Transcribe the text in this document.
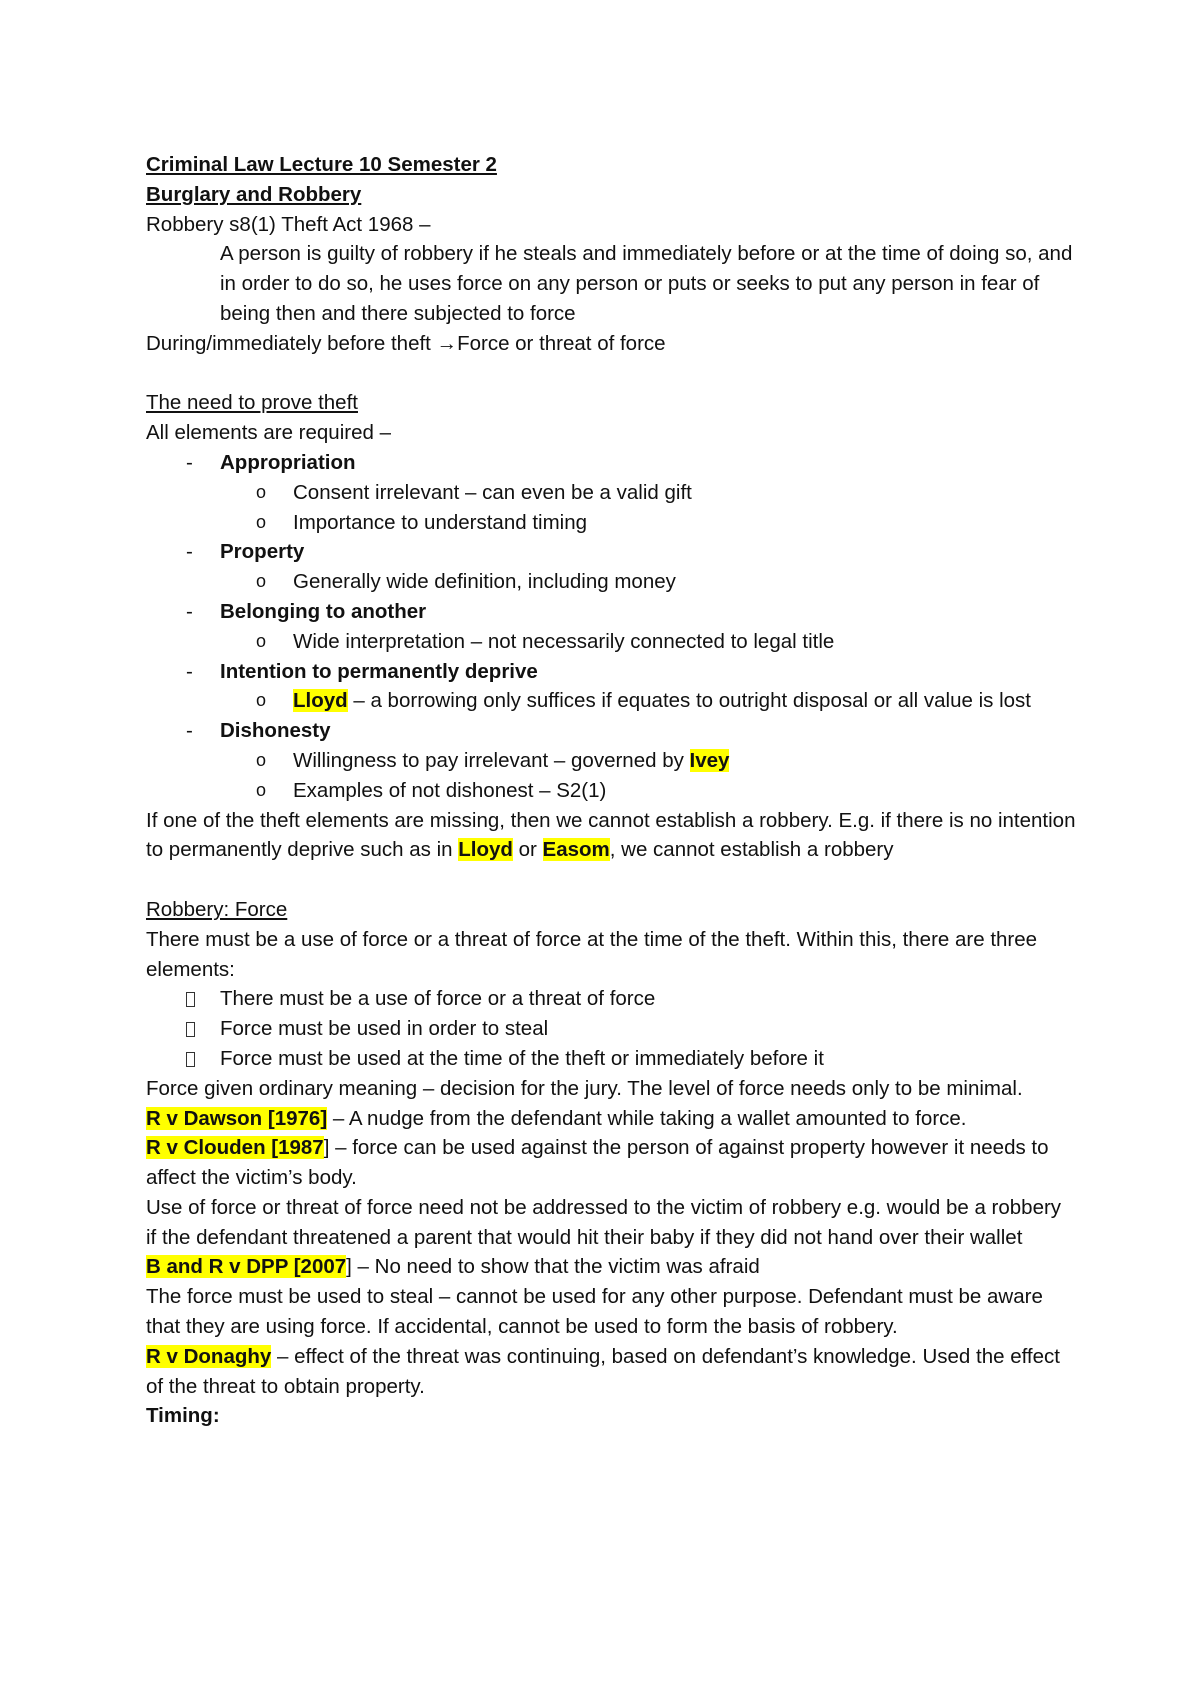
Criminal Law Lecture 10 Semester 2
Burglary and Robbery
Robbery s8(1) Theft Act 1968 –
A person is guilty of robbery if he steals and immediately before or at the time of doing so, and in order to do so, he uses force on any person or puts or seeks to put any person in fear of being then and there subjected to force
During/immediately before theft →Force or threat of force
The need to prove theft
All elements are required –
- Appropriation
o Consent irrelevant – can even be a valid gift
o Importance to understand timing
- Property
o Generally wide definition, including money
- Belonging to another
o Wide interpretation – not necessarily connected to legal title
- Intention to permanently deprive
o Lloyd – a borrowing only suffices if equates to outright disposal or all value is lost
- Dishonesty
o Willingness to pay irrelevant – governed by Ivey
o Examples of not dishonest – S2(1)
If one of the theft elements are missing, then we cannot establish a robbery. E.g. if there is no intention to permanently deprive such as in Lloyd or Easom, we cannot establish a robbery
Robbery: Force
There must be a use of force or a threat of force at the time of the theft. Within this, there are three elements:
There must be a use of force or a threat of force
Force must be used in order to steal
Force must be used at the time of the theft or immediately before it
Force given ordinary meaning – decision for the jury. The level of force needs only to be minimal.
R v Dawson [1976] – A nudge from the defendant while taking a wallet amounted to force.
R v Clouden [1987] – force can be used against the person of against property however it needs to affect the victim’s body.
Use of force or threat of force need not be addressed to the victim of robbery e.g. would be a robbery if the defendant threatened a parent that would hit their baby if they did not hand over their wallet
B and R v DPP [2007] – No need to show that the victim was afraid
The force must be used to steal – cannot be used for any other purpose. Defendant must be aware that they are using force. If accidental, cannot be used to form the basis of robbery.
R v Donaghy – effect of the threat was continuing, based on defendant’s knowledge. Used the effect of the threat to obtain property.
Timing:
